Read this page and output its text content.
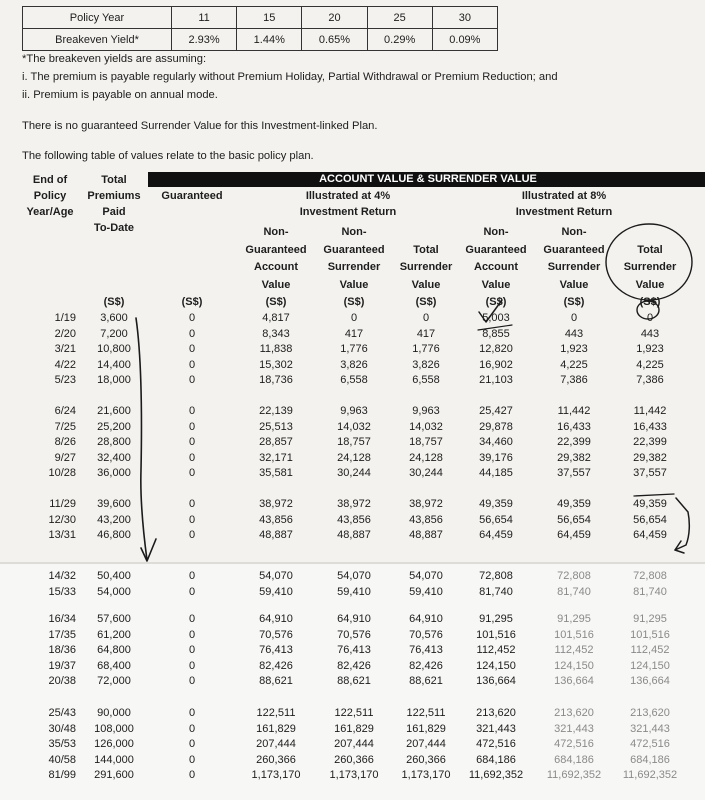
Policy Year	11	15	20	25	30
Breakeven Yield*	2.93%	1.44%	0.65%	0.29%	0.09%
*The breakeven yields are assuming:
i. The premium is payable regularly without Premium Holiday, Partial Withdrawal or Premium Reduction; and
ii. Premium is payable on annual mode.
There is no guaranteed Surrender Value for this Investment-linked Plan.
The following table of values relate to the basic policy plan.
End of
Policy
Year/Age
Total
Premiums
Paid
To-Date
ACCOUNT VALUE & SURRENDER VALUE
Guaranteed	Illustrated at 4%
Investment Return
Illustrated at 8%
Investment Return
Non-
Guaranteed
Account
Value
Non-
Guaranteed
Surrender
Value
Total
Surrender
Value
Non-
Guaranteed
Account
Value
Non-
Guaranteed
Surrender
Value
Total
Surrender
Value
(S$)	(S$)	(S$)	(S$)	(S$)	(S$)	(S$)	(S$)
1/19	3,600	0	4,817	0	0	5,003	0	0
2/20	7,200	0	8,343	417	417	8,855	443	443
3/21	10,800	0	11,838	1,776	1,776	12,820	1,923	1,923
4/22	14,400	0	15,302	3,826	3,826	16,902	4,225	4,225
5/23	18,000	0	18,736	6,558	6,558	21,103	7,386	7,386
6/24	21,600	0	22,139	9,963	9,963	25,427	11,442	11,442
7/25	25,200	0	25,513	14,032	14,032	29,878	16,433	16,433
8/26	28,800	0	28,857	18,757	18,757	34,460	22,399	22,399
9/27	32,400	0	32,171	24,128	24,128	39,176	29,382	29,382
10/28	36,000	0	35,581	30,244	30,244	44,185	37,557	37,557
11/29	39,600	0	38,972	38,972	38,972	49,359	49,359	49,359
12/30	43,200	0	43,856	43,856	43,856	56,654	56,654	56,654
13/31	46,800	0	48,887	48,887	48,887	64,459	64,459	64,459
14/32	50,400	0	54,070	54,070	54,070	72,808	72,808	72,808
15/33	54,000	0	59,410	59,410	59,410	81,740	81,740	81,740
16/34	57,600	0	64,910	64,910	64,910	91,295	91,295	91,295
17/35	61,200	0	70,576	70,576	70,576	101,516	101,516	101,516
18/36	64,800	0	76,413	76,413	76,413	112,452	112,452	112,452
19/37	68,400	0	82,426	82,426	82,426	124,150	124,150	124,150
20/38	72,000	0	88,621	88,621	88,621	136,664	136,664	136,664
25/43	90,000	0	122,511	122,511	122,511	213,620	213,620	213,620
30/48	108,000	0	161,829	161,829	161,829	321,443	321,443	321,443
35/53	126,000	0	207,444	207,444	207,444	472,516	472,516	472,516
40/58	144,000	0	260,366	260,366	260,366	684,186	684,186	684,186
81/99	291,600	0	1,173,170	1,173,170	1,173,170	11,692,352	11,692,352	11,692,352
